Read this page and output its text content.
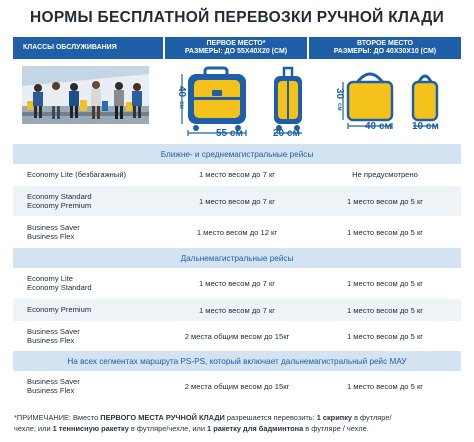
НОРМЫ БЕСПЛАТНОЙ ПЕРЕВОЗКИ РУЧНОЙ КЛАДИ
КЛАССЫ ОБСЛУЖИВАНИЯ
ПЕРВОЕ МЕСТО*
РАЗМЕРЫ: ДО 55Х40Х20 (СМ)
ВТОРОЕ МЕСТО
РАЗМЕРЫ: ДО 40Х30Х10 (СМ)
40
см
55 см	20 см
30
см
40 см 10 см
Ближне- и среднемагистральные рейсы
Economy Lite (безбагажный)	1 место весом до 7 кг	Не предусмотрено
Economy Standard
Economy Premium	1 место весом до 7 кг	1 место весом до 5 кг
Business Saver
Business Flex	1 место весом до 12 кг	1 место весом до 5 кг
Дальнемагистральные рейсы
Economy Lite
Economy Standard	1 место весом до 7 кг	1 место весом до 5 кг
Economy Premium	1 место весом до 7 кг	1 место весом до 5 кг
Business Saver
Business Flex	2 места общим весом до 15кг	1 место весом до 5 кг
На всех сегментах маршрута PS-PS, который включает дальнемагистральный рейс МАУ
Business Saver
Business Flex	2 места общим весом до 15кг	1 место весом до 5 кг
*ПРИМЕЧАНИЕ: Вместо ПЕРВОГО МЕСТА РУЧНОЙ КЛАДИ разрешается перевозить: 1 скрипку в футляре/
чехле; или 1 теннисную ракетку в футляре/чехле, или 1 ракетку для бадминтона в футляре / чехле.
